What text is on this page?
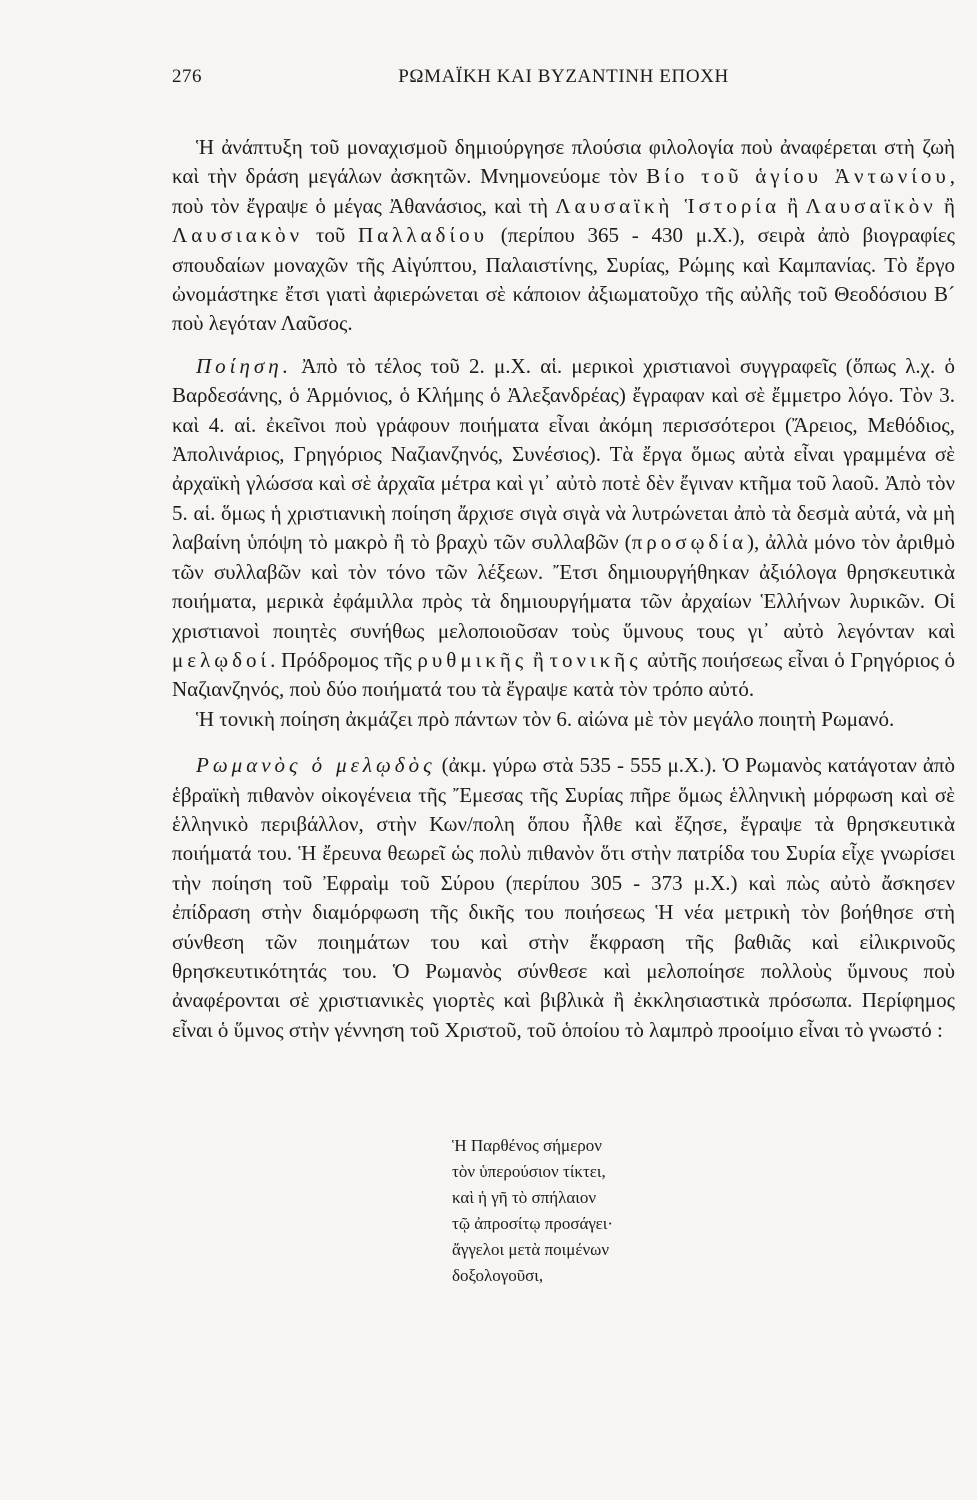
276	ΡΩΜΑΪΚΗ ΚΑΙ ΒΥΖΑΝΤΙΝΗ ΕΠΟΧΗ

Ἡ ἀνάπτυξη τοῦ μοναχισμοῦ δημιούργησε πλούσια φιλολογία ποὺ ἀναφέρεται στὴ ζωὴ καὶ τὴν δράση μεγάλων ἀσκητῶν. Μνημονεύομε τὸν Βίο τοῦ ἁγίου Ἀντωνίου, ποὺ τὸν ἔγραψε ὁ μέγας Ἀθανάσιος, καὶ τὴ Λαυσαϊκὴ Ἱστορία ἢ Λαυσαϊκὸν ἢ Λαυσιακὸν τοῦ Παλλαδίου (περίπου 365 - 430 μ.Χ.), σειρὰ ἀπὸ βιογραφίες σπουδαίων μοναχῶν τῆς Αἰγύπτου, Παλαιστίνης, Συρίας, Ρώμης καὶ Καμπανίας. Τὸ ἔργο ὠνομάστηκε ἔτσι γιατὶ ἀφιερώνεται σὲ κάποιον ἀξιωματοῦχο τῆς αὐλῆς τοῦ Θεοδόσιου Β´ ποὺ λεγόταν Λαῦσος.

Ποίηση. Ἀπὸ τὸ τέλος τοῦ 2. μ.Χ. αἱ. μερικοὶ χριστιανοὶ συγγραφεῖς (ὅπως λ.χ. ὁ Βαρδεσάνης, ὁ Ἁρμόνιος, ὁ Κλήμης ὁ Ἀλεξανδρέας) ἔγραφαν καὶ σὲ ἔμμετρο λόγο. Τὸν 3. καὶ 4. αἱ. ἐκεῖνοι ποὺ γράφουν ποιήματα εἶναι ἀκόμη περισσότεροι (Ἄρειος, Μεθόδιος, Ἀπολινάριος, Γρηγόριος Ναζιανζηνός, Συνέσιος). Τὰ ἔργα ὅμως αὐτὰ εἶναι γραμμένα σὲ ἀρχαϊκὴ γλώσσα καὶ σὲ ἀρχαῖα μέτρα καὶ γι᾽ αὐτὸ ποτὲ δὲν ἔγιναν κτῆμα τοῦ λαοῦ. Ἀπὸ τὸν 5. αἱ. ὅμως ἡ χριστιανικὴ ποίηση ἄρχισε σιγὰ σιγὰ νὰ λυτρώνεται ἀπὸ τὰ δεσμὰ αὐτά, νὰ μὴ λαβαίνη ὑπόψη τὸ μακρὸ ἢ τὸ βραχὺ τῶν συλλαβῶν (προσῳδία), ἀλλὰ μόνο τὸν ἀριθμὸ τῶν συλλαβῶν καὶ τὸν τόνο τῶν λέξεων. Ἔτσι δημιουργήθηκαν ἀξιόλογα θρησκευτικὰ ποιήματα, μερικὰ ἐφάμιλλα πρὸς τὰ δημιουργήματα τῶν ἀρχαίων Ἑλλήνων λυρικῶν. Οἱ χριστιανοὶ ποιητὲς συνήθως μελοποιοῦσαν τοὺς ὕμνους τους γι᾽ αὐτὸ λεγόνταν καὶ μελῳδοί. Πρόδρομος τῆς ρυθμικῆς ἢ τονικῆς αὐτῆς ποιήσεως εἶναι ὁ Γρηγόριος ὁ Ναζιανζηνός, ποὺ δύο ποιήματά του τὰ ἔγραψε κατὰ τὸν τρόπο αὐτό.

Ἡ τονικὴ ποίηση ἀκμάζει πρὸ πάντων τὸν 6. αἰώνα μὲ τὸν μεγάλο ποιητὴ Ρωμανό.

Ρωμανὸς ὁ μελῳδὸς (ἀκμ. γύρω στὰ 535 - 555 μ.Χ.). Ὁ Ρωμανὸς κατάγοταν ἀπὸ ἑβραϊκὴ πιθανὸν οἰκογένεια τῆς Ἔμεσας τῆς Συρίας πῆρε ὅμως ἑλληνικὴ μόρφωση καὶ σὲ ἑλληνικὸ περιβάλλον, στὴν Κων/πολη ὅπου ἦλθε καὶ ἔζησε, ἔγραψε τὰ θρησκευτικὰ ποιήματά του. Ἡ ἔρευνα θεωρεῖ ὡς πολὺ πιθανὸν ὅτι στὴν πατρίδα του Συρία εἶχε γνωρίσει τὴν ποίηση τοῦ Ἐφραὶμ τοῦ Σύρου (περίπου 305 - 373 μ.Χ.) καὶ πὼς αὐτὸ ἄσκησεν ἐπίδραση στὴν διαμόρφωση τῆς δικῆς του ποιήσεως Ἡ νέα μετρικὴ τὸν βοήθησε στὴ σύνθεση τῶν ποιημάτων του καὶ στὴν ἔκφραση τῆς βαθιᾶς καὶ εἰλικρινοῦς θρησκευτικότητάς του. Ὁ Ρωμανὸς σύνθεσε καὶ μελοποίησε πολλοὺς ὕμνους ποὺ ἀναφέρονται σὲ χριστιανικὲς γιορτὲς καὶ βιβλικὰ ἢ ἐκκλησιαστικὰ πρόσωπα. Περίφημος εἶναι ὁ ὕμνος στὴν γέννηση τοῦ Χριστοῦ, τοῦ ὁποίου τὸ λαμπρὸ προοίμιο εἶναι τὸ γνωστό :

Ἡ Παρθένος σήμερον
τὸν ὑπερούσιον τίκτει,
καὶ ἡ γῆ τὸ σπήλαιον
τῷ ἀπροσίτῳ προσάγει·
ἄγγελοι μετὰ ποιμένων
δοξολογοῦσι,
